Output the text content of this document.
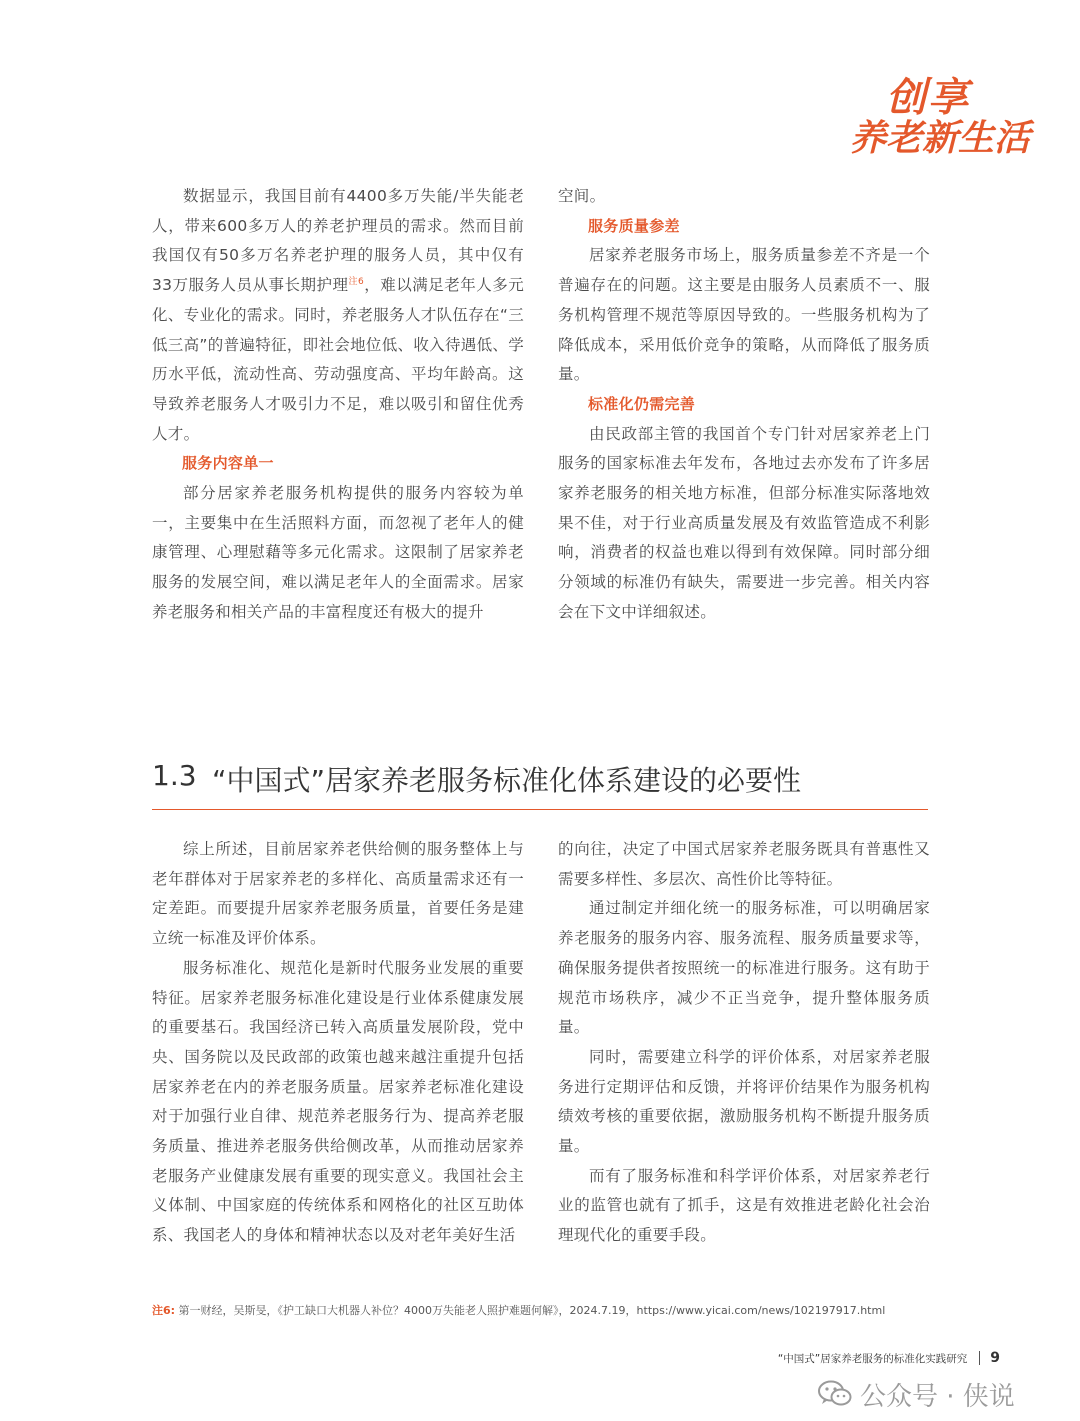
创享
养老新生活

数据显示，我国目前有4400多万失能/半失能老人，带来600多万人的养老护理员的需求。然而目前我国仅有50多万名养老护理的服务人员，其中仅有33万服务人员从事长期护理$^{注6}$，难以满足老年人多元化、专业化的需求。同时，养老服务人才队伍存在“三低三高”的普遍特征，即社会地位低、收入待遇低、学历水平低，流动性高、劳动强度高、平均年龄高。这导致养老服务人才吸引力不足，难以吸引和留住优秀人才。

服务内容单一

部分居家养老服务机构提供的服务内容较为单一，主要集中在生活照料方面，而忽视了老年人的健康管理、心理慰藉等多元化需求。这限制了居家养老服务的发展空间，难以满足老年人的全面需求。居家养老服务和相关产品的丰富程度还有极大的提升

空间。

服务质量参差

居家养老服务市场上，服务质量参差不齐是一个普遍存在的问题。这主要是由服务人员素质不一、服务机构管理不规范等原因导致的。一些服务机构为了降低成本，采用低价竞争的策略，从而降低了服务质量。

标准化仍需完善

由民政部主管的我国首个专门针对居家养老上门服务的国家标准去年发布，各地过去亦发布了许多居家养老服务的相关地方标准，但部分标准实际落地效果不佳，对于行业高质量发展及有效监管造成不利影响，消费者的权益也难以得到有效保障。同时部分细分领域的标准仍有缺失，需要进一步完善。相关内容会在下文中详细叙述。

1.3 “中国式”居家养老服务标准化体系建设的必要性

综上所述，目前居家养老供给侧的服务整体上与老年群体对于居家养老的多样化、高质量需求还有一定差距。而要提升居家养老服务质量，首要任务是建立统一标准及评价体系。

服务标准化、规范化是新时代服务业发展的重要特征。居家养老服务标准化建设是行业体系健康发展的重要基石。我国经济已转入高质量发展阶段，党中央、国务院以及民政部的政策也越来越注重提升包括居家养老在内的养老服务质量。居家养老标准化建设对于加强行业自律、规范养老服务行为、提高养老服务质量、推进养老服务供给侧改革，从而推动居家养老服务产业健康发展有重要的现实意义。我国社会主义体制、中国家庭的传统体系和网格化的社区互助体系、我国老人的身体和精神状态以及对老年美好生活

的向往，决定了中国式居家养老服务既具有普惠性又需要多样性、多层次、高性价比等特征。

通过制定并细化统一的服务标准，可以明确居家养老服务的服务内容、服务流程、服务质量要求等，确保服务提供者按照统一的标准进行服务。这有助于规范市场秩序，减少不正当竞争，提升整体服务质量。

同时，需要建立科学的评价体系，对居家养老服务进行定期评估和反馈，并将评价结果作为服务机构绩效考核的重要依据，激励服务机构不断提升服务质量。

而有了服务标准和科学评价体系，对居家养老行业的监管也就有了抓手，这是有效推进老龄化社会治理现代化的重要手段。

注6: 第一财经，吴斯旻，《护工缺口大机器人补位？4000万失能老人照护难题何解》，2024.7.19，https://www.yicai.com/news/102197917.html
“中国式”居家养老服务的标准化实践研究 9
公众号 · 侠说
